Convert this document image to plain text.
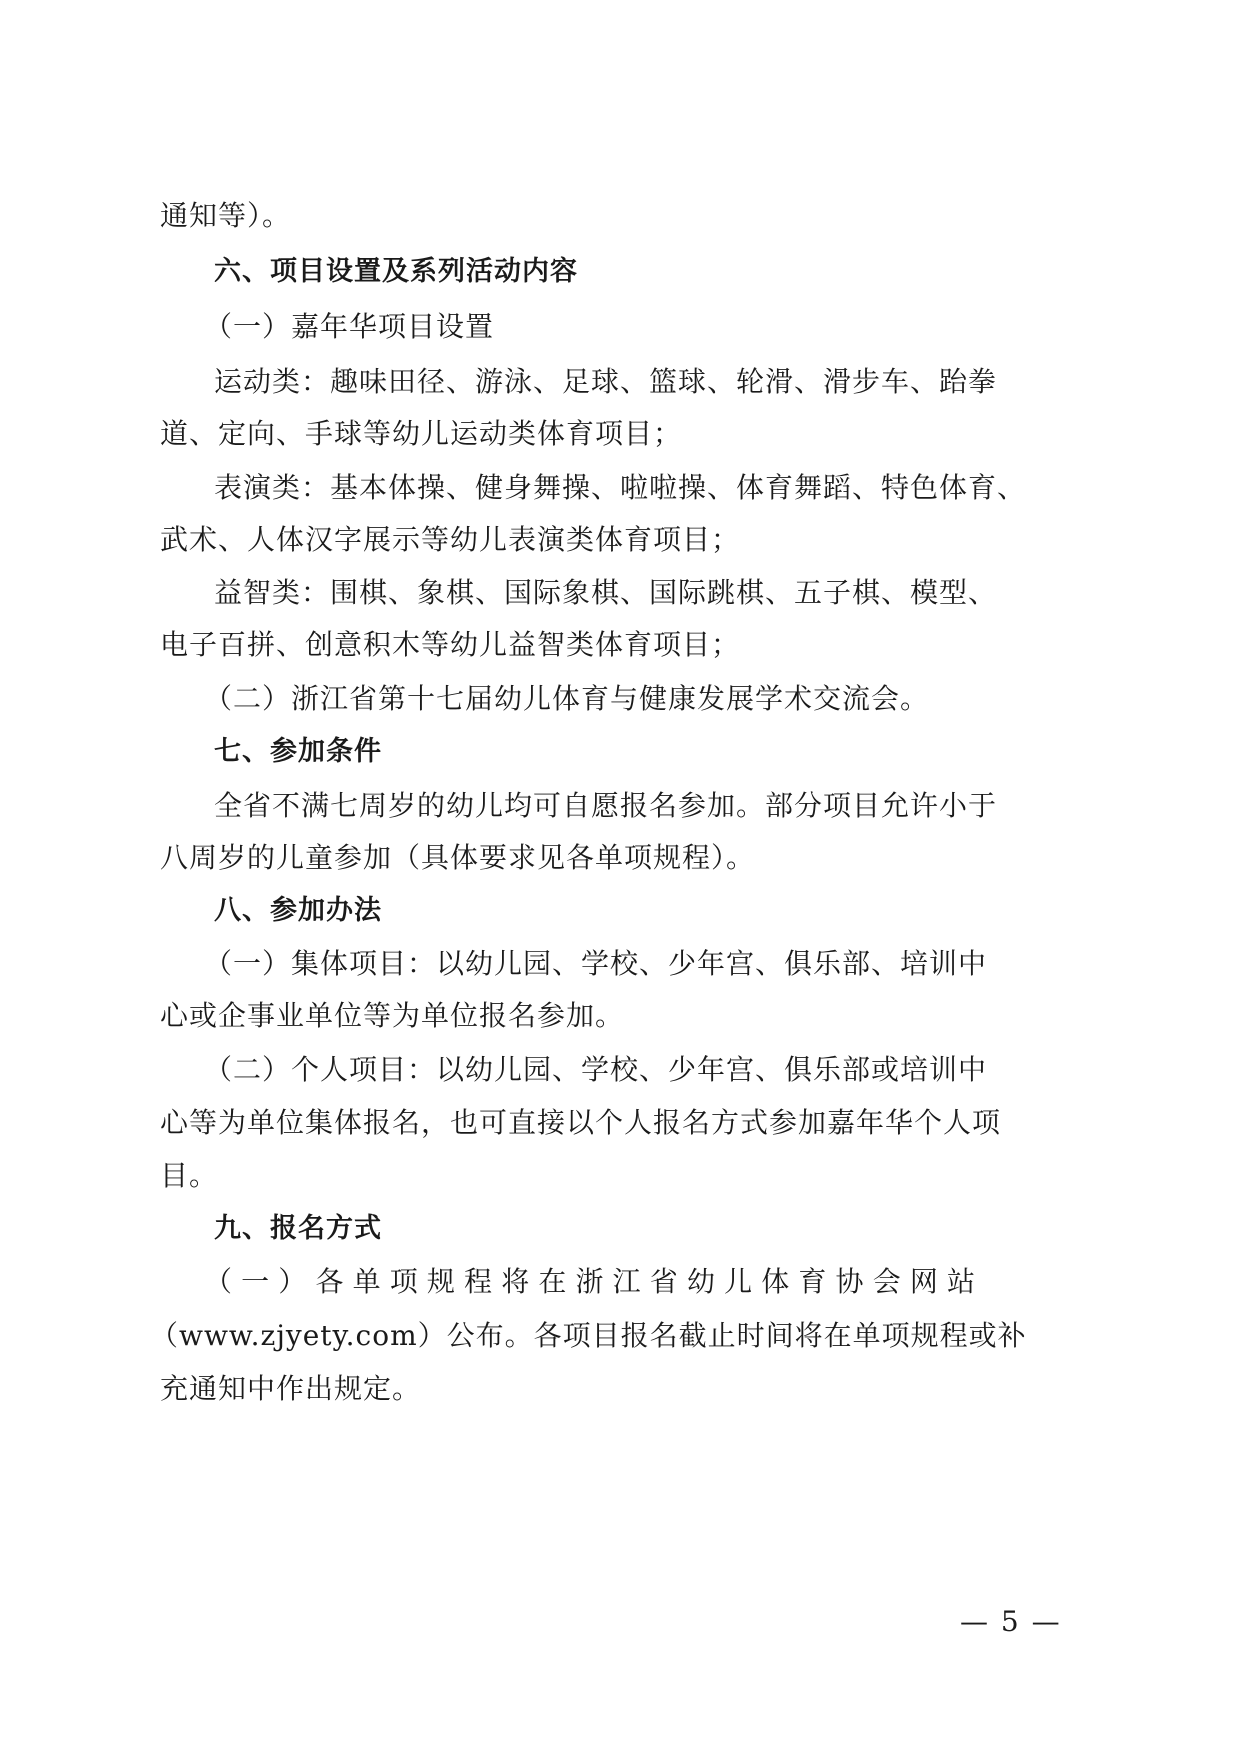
通知等）。
六、项目设置及系列活动内容
（一）嘉年华项目设置
运动类：趣味田径、游泳、足球、篮球、轮滑、滑步车、跆拳
道、定向、手球等幼儿运动类体育项目；
表演类：基本体操、健身舞操、啦啦操、体育舞蹈、特色体育、
武术、人体汉字展示等幼儿表演类体育项目；
益智类：围棋、象棋、国际象棋、国际跳棋、五子棋、模型、
电子百拼、创意积木等幼儿益智类体育项目；
（二）浙江省第十七届幼儿体育与健康发展学术交流会。
七、参加条件
全省不满七周岁的幼儿均可自愿报名参加。部分项目允许小于
八周岁的儿童参加（具体要求见各单项规程）。
八、参加办法
（一）集体项目：以幼儿园、学校、少年宫、俱乐部、培训中
心或企事业单位等为单位报名参加。
（二）个人项目：以幼儿园、学校、少年宫、俱乐部或培训中
心等为单位集体报名，也可直接以个人报名方式参加嘉年华个人项
目。
九、报名方式
（一）各单项规程将在浙江省幼儿体育协会网站
（www.zjyety.com）公布。各项目报名截止时间将在单项规程或补
充通知中作出规定。
— 5 —
